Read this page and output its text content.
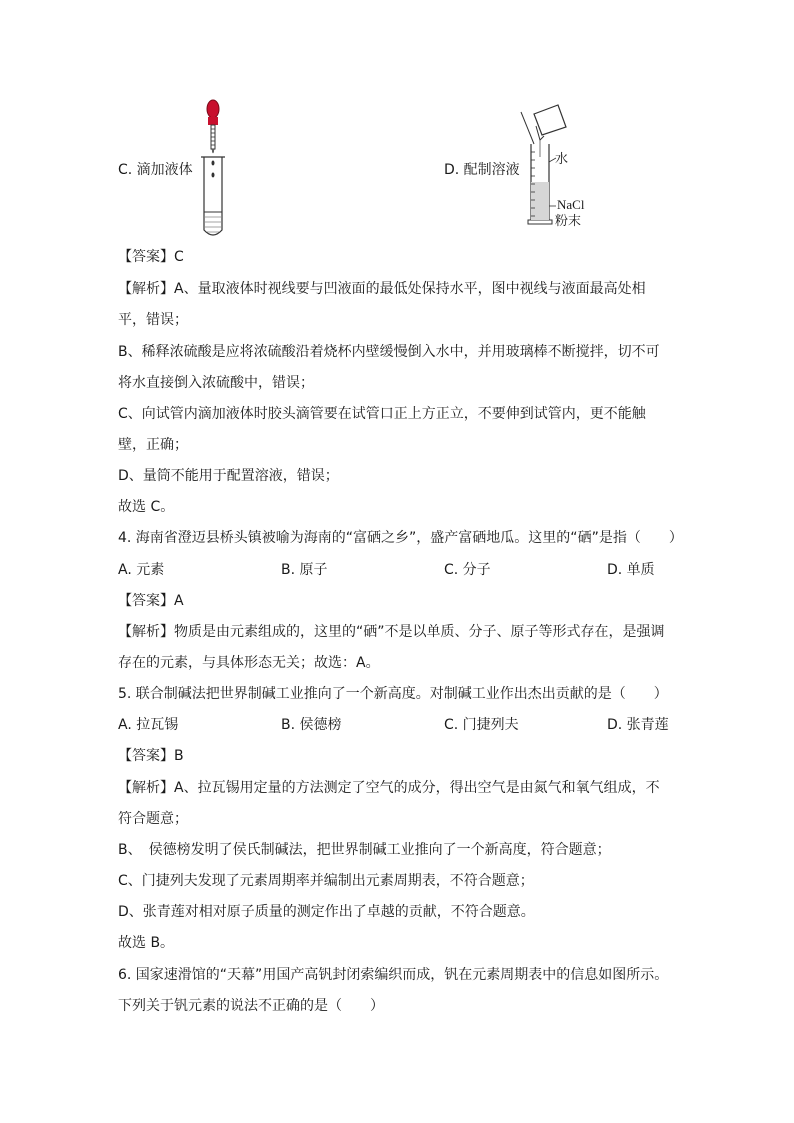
C. 滴加液体
水
NaCl
粉末
D. 配制溶液
【答案】C
【解析】A、量取液体时视线要与凹液面的最低处保持水平，图中视线与液面最高处相
平，错误；
B、稀释浓硫酸是应将浓硫酸沿着烧杯内壁缓慢倒入水中，并用玻璃棒不断搅拌，切不可
将水直接倒入浓硫酸中，错误；
C、向试管内滴加液体时胶头滴管要在试管口正上方正立，不要伸到试管内，更不能触
壁，正确；
D、量筒不能用于配置溶液，错误；
故选 C。
4. 海南省澄迈县桥头镇被喻为海南的“富硒之乡”，盛产富硒地瓜。这里的“硒”是指（　　）
A. 元素	B. 原子	C. 分子	D. 单质
【答案】A
【解析】物质是由元素组成的，这里的“硒”不是以单质、分子、原子等形式存在，是强调
存在的元素，与具体形态无关；故选：A。
5. 联合制碱法把世界制碱工业推向了一个新高度。对制碱工业作出杰出贡献的是（　　）
A. 拉瓦锡	B. 侯德榜	C. 门捷列夫	D. 张青莲
【答案】B
【解析】A、拉瓦锡用定量的方法测定了空气的成分，得出空气是由氮气和氧气组成，不
符合题意；
B、　侯德榜发明了侯氏制碱法，把世界制碱工业推向了一个新高度，符合题意；
C、门捷列夫发现了元素周期率并编制出元素周期表，不符合题意；
D、张青莲对相对原子质量的测定作出了卓越的贡献，不符合题意。
故选 B。
6. 国家速滑馆的“天幕”用国产高钒封闭索编织而成，钒在元素周期表中的信息如图所示。
下列关于钒元素的说法不正确的是（　　）
